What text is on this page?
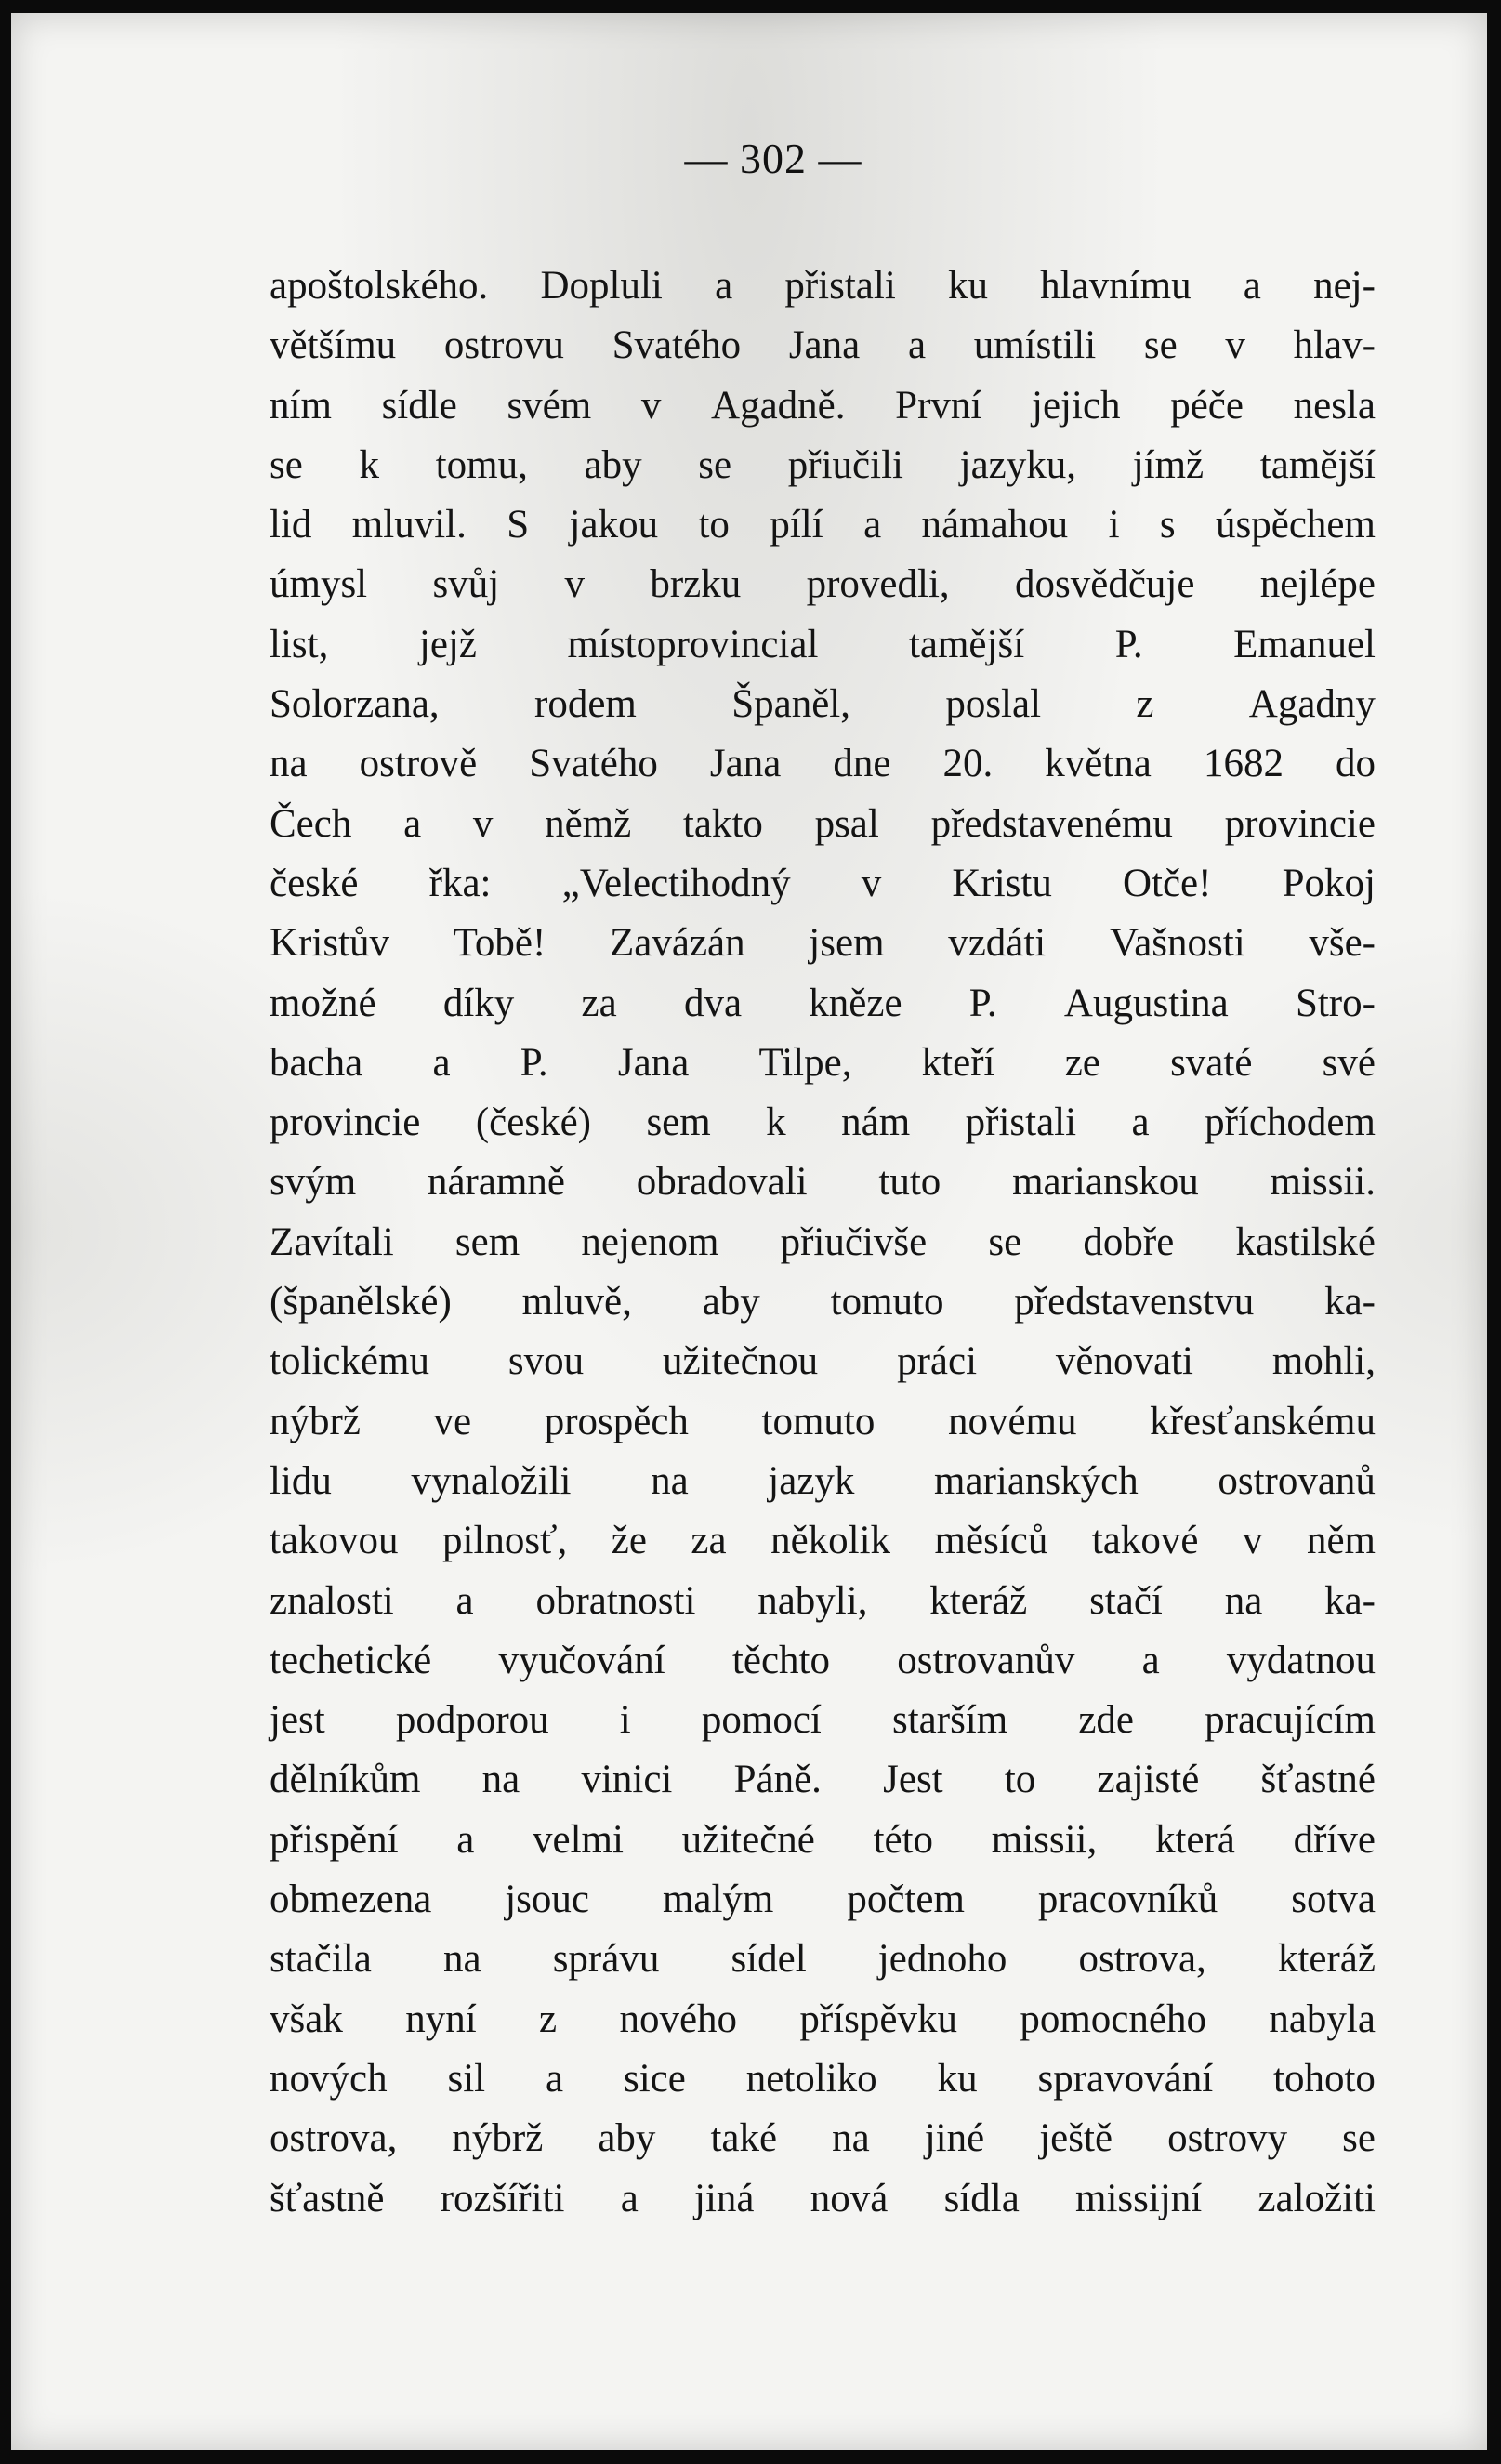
— 302 —
apoštolského. Dopluli a přistali ku hlavnímu a nej-
většímu ostrovu Svatého Jana a umístili se v hlav-
ním sídle svém v Agadně. První jejich péče nesla
se k tomu, aby se přiučili jazyku, jímž tamější
lid mluvil. S jakou to pílí a námahou i s úspěchem
úmysl svůj v brzku provedli, dosvědčuje nejlépe
list, jejž místoprovincial tamější P. Emanuel
Solorzana, rodem Španěl, poslal z Agadny
na ostrově Svatého Jana dne 20. května 1682 do
Čech a v němž takto psal představenému provincie
české řka: „Velectihodný v Kristu Otče! Pokoj
Kristův Tobě! Zavázán jsem vzdáti Vašnosti vše-
možné díky za dva kněze P. Augustina Stro-
bacha a P. Jana Tilpe, kteří ze svaté své
provincie (české) sem k nám přistali a příchodem
svým náramně obradovali tuto marianskou missii.
Zavítali sem nejenom přiučivše se dobře kastilské
(španělské) mluvě, aby tomuto představenstvu ka-
tolickému svou užitečnou práci věnovati mohli,
nýbrž ve prospěch tomuto novému křesťanskému
lidu vynaložili na jazyk marianských ostrovanů
takovou pilnosť, že za několik měsíců takové v něm
znalosti a obratnosti nabyli, kteráž stačí na ka-
techetické vyučování těchto ostrovanův a vydatnou
jest podporou i pomocí starším zde pracujícím
dělníkům na vinici Páně. Jest to zajisté šťastné
přispění a velmi užitečné této missii, která dříve
obmezena jsouc malým počtem pracovníků sotva
stačila na správu sídel jednoho ostrova, kteráž
však nyní z nového příspěvku pomocného nabyla
nových sil a sice netoliko ku spravování tohoto
ostrova, nýbrž aby také na jiné ještě ostrovy se
šťastně rozšířiti a jiná nová sídla missijní založiti
